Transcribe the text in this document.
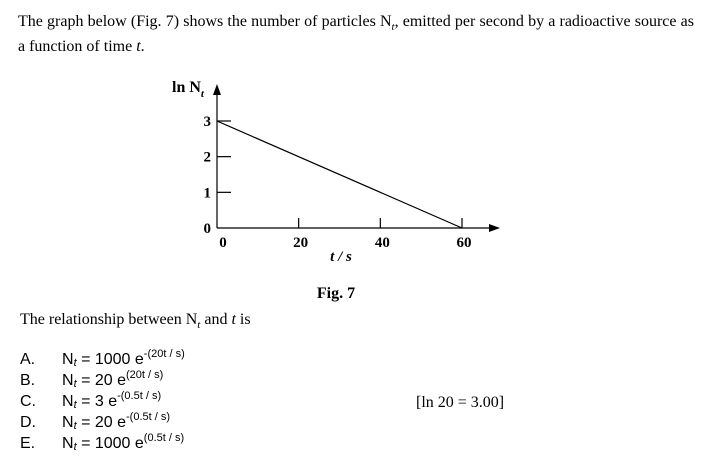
The graph below (Fig. 7) shows the number of particles $N_t$, emitted per second by a radioactive source as a function of time t.
0	20	40	60
0
1
2
3
$\ln N_t$
t / s
Fig. 7
The relationship between $N_t$ and t is
A. $N_t = 1000$ $e^{-(20t / s)}$
B. $N_t = 20$ $e^{(20t / s)}$
C. $N_t = 3$ $e^{-(0.5t / s)}$
D. $N_t = 20$ $e^{-(0.5t / s)}$
E. $N_t = 1000$ $e^{(0.5t / s)}$
[ln 20 = 3.00]
